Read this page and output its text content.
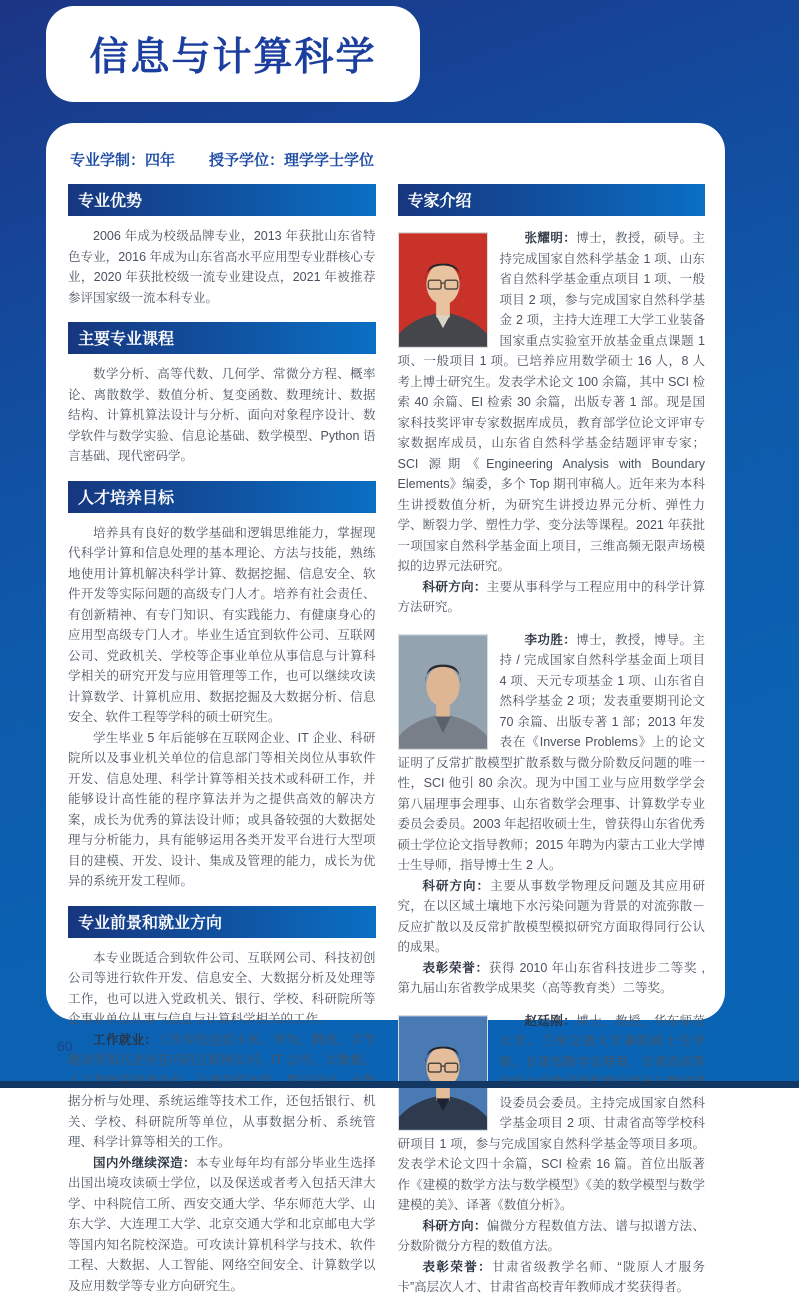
信息与计算科学
专业学制：四年 授予学位：理学学士学位
专业优势

2006 年成为校级品牌专业，2013 年获批山东省特色专业，2016 年成为山东省高水平应用型专业群核心专业，2020 年获批校级一流专业建设点，2021 年被推荐参评国家级一流本科专业。

主要专业课程

数学分析、高等代数、几何学、常微分方程、概率论、离散数学、数值分析、复变函数、数理统计、数据结构、计算机算法设计与分析、面向对象程序设计、数学软件与数学实验、信息论基础、数学模型、Python 语言基础、现代密码学。

人才培养目标

培养具有良好的数学基础和逻辑思维能力，掌握现代科学计算和信息处理的基本理论、方法与技能，熟练地使用计算机解决科学计算、数据挖掘、信息安全、软件开发等实际问题的高级专门人才。培养有社会责任、有创新精神、有专门知识、有实践能力、有健康身心的应用型高级专门人才。毕业生适宜到软件公司、互联网公司、党政机关、学校等企事业单位从事信息与计算科学相关的研究开发与应用管理等工作，也可以继续攻读计算数学、计算机应用、数据挖掘及大数据分析、信息安全、软件工程等学科的硕士研究生。

学生毕业 5 年后能够在互联网企业、IT 企业、科研院所以及事业机关单位的信息部门等相关岗位从事软件开发、信息处理、科学计算等相关技术或科研工作，并能够设计高性能的程序算法并为之提供高效的解决方案，成长为优秀的算法设计师；或具备较强的大数据处理与分析能力，具有能够运用各类开发平台进行大型项目的建模、开发、设计、集成及管理的能力，成长为优异的系统开发工程师。

专业前景和就业方向

本专业既适合到软件公司、互联网公司、科技初创公司等进行软件开发、信息安全、大数据分析及处理等工作，也可以进入党政机关、银行、学校、科研院所等企事业单位从事与信息与计算科学相关的工作。

工作就业：工作单位包括小米、华为、腾讯、字节跳动等知名企业在内的互联网公司、IT 公司、大数据、 据分析与处理、系统运维等技术工作，还包括银行、机关、学校、科研院所等单位，从事数据分析、系统管理、科学计算等相关的工作。

国内外继续深造：本专业每年均有部分毕业生选择出国出境攻读硕士学位，以及保送或者考入包括天津大学、中科院信工所、西安交通大学、华东师范大学、山东大学、大连理工大学、北京交通大学和北京邮电大学等国内知名院校深造。可攻读计算机科学与技术、软件工程、大数据、人工智能、网络空间安全、计算数学以及应用数学等专业方向研究生。

专家介绍

张耀明：博士，教授，硕导。主持完成国家自然科学基金 1 项、山东省自然科学基金重点项目 1 项、一般项目 2 项，参与完成国家自然科学基金 2 项，主持大连理工大学工业装备国家重点实验室开放基金重点课题 1 项、一般项目 1 项。已培养应用数学硕士 16 人，8 人考上博士研究生。发表学术论文 100 余篇，其中 SCI 检索 40 余篇、EI 检索 30 余篇，出版专著 1 部。现是国家科技奖评审专家数据库成员，教育部学位论文评审专家数据库成员，山东省自然科学基金结题评审专家；SCI 源期《Engineering Analysis with Boundary Elements》编委，多个 Top 期刊审稿人。近年来为本科生讲授数值分析，为研究生讲授边界元分析、弹性力学、断裂力学、塑性力学、变分法等课程。2021 年获批一项国家自然科学基金面上项目，三维高频无限声场模拟的边界元法研究。

科研方向：主要从事科学与工程应用中的科学计算方法研究。

李功胜：博士，教授，博导。主持 / 完成国家自然科学基金面上项目 4 项、天元专项基金 1 项、山东省自然科学基金 2 项；发表重要期刊论文 70 余篇、出版专著 1 部；2013 年发表在《Inverse Problems》上的论文证明了反常扩散模型扩散系数与微分阶数反问题的唯一性，SCI 他引 80 余次。现为中国工业与应用数学学会第八届理事会理事、山东省数学会理事、计算数学专业委员会委员。2003 年起招收硕士生，曾获得山东省优秀硕士学位论文指导教师；2015 年聘为内蒙古工业大学博士生导师，指导博士生 2 人。

科研方向：主要从事数学物理反问题及其应用研究，在以区域土壤地下水污染问题为背景的对流弥散－反应扩散以及反常扩散模型模拟研究方面取得同行公认的成果。

表彰荣誉：获得 2010 年山东省科技进步二等奖 , 第九届山东省教学成果奖（高等教育类）二等奖。

赵廷刚：博士，教授，华东师范大学、兰州交通大学兼职硕士生导师，甘肃省数学会理事、甘肃省高等 设委员会委员。主持完成国家自然科学基金项目 2 项、甘肃省高等学校科研项目 1 项，参与完成国家自然科学基金等项目多项。发表学术论文四十余篇，SCI 检索 16 篇。首位出版著作《建模的数学方法与数学模型》《美的数学模型与数学建模的美》、译著《数值分析》。

科研方向：偏微分方程数值方法、谱与拟谱方法、分数阶微分方程的数值方法。

表彰荣誉：甘肃省级教学名师、“陇原人才服务卡”高层次人才、甘肃省高校青年教师成才奖获得者。

60
